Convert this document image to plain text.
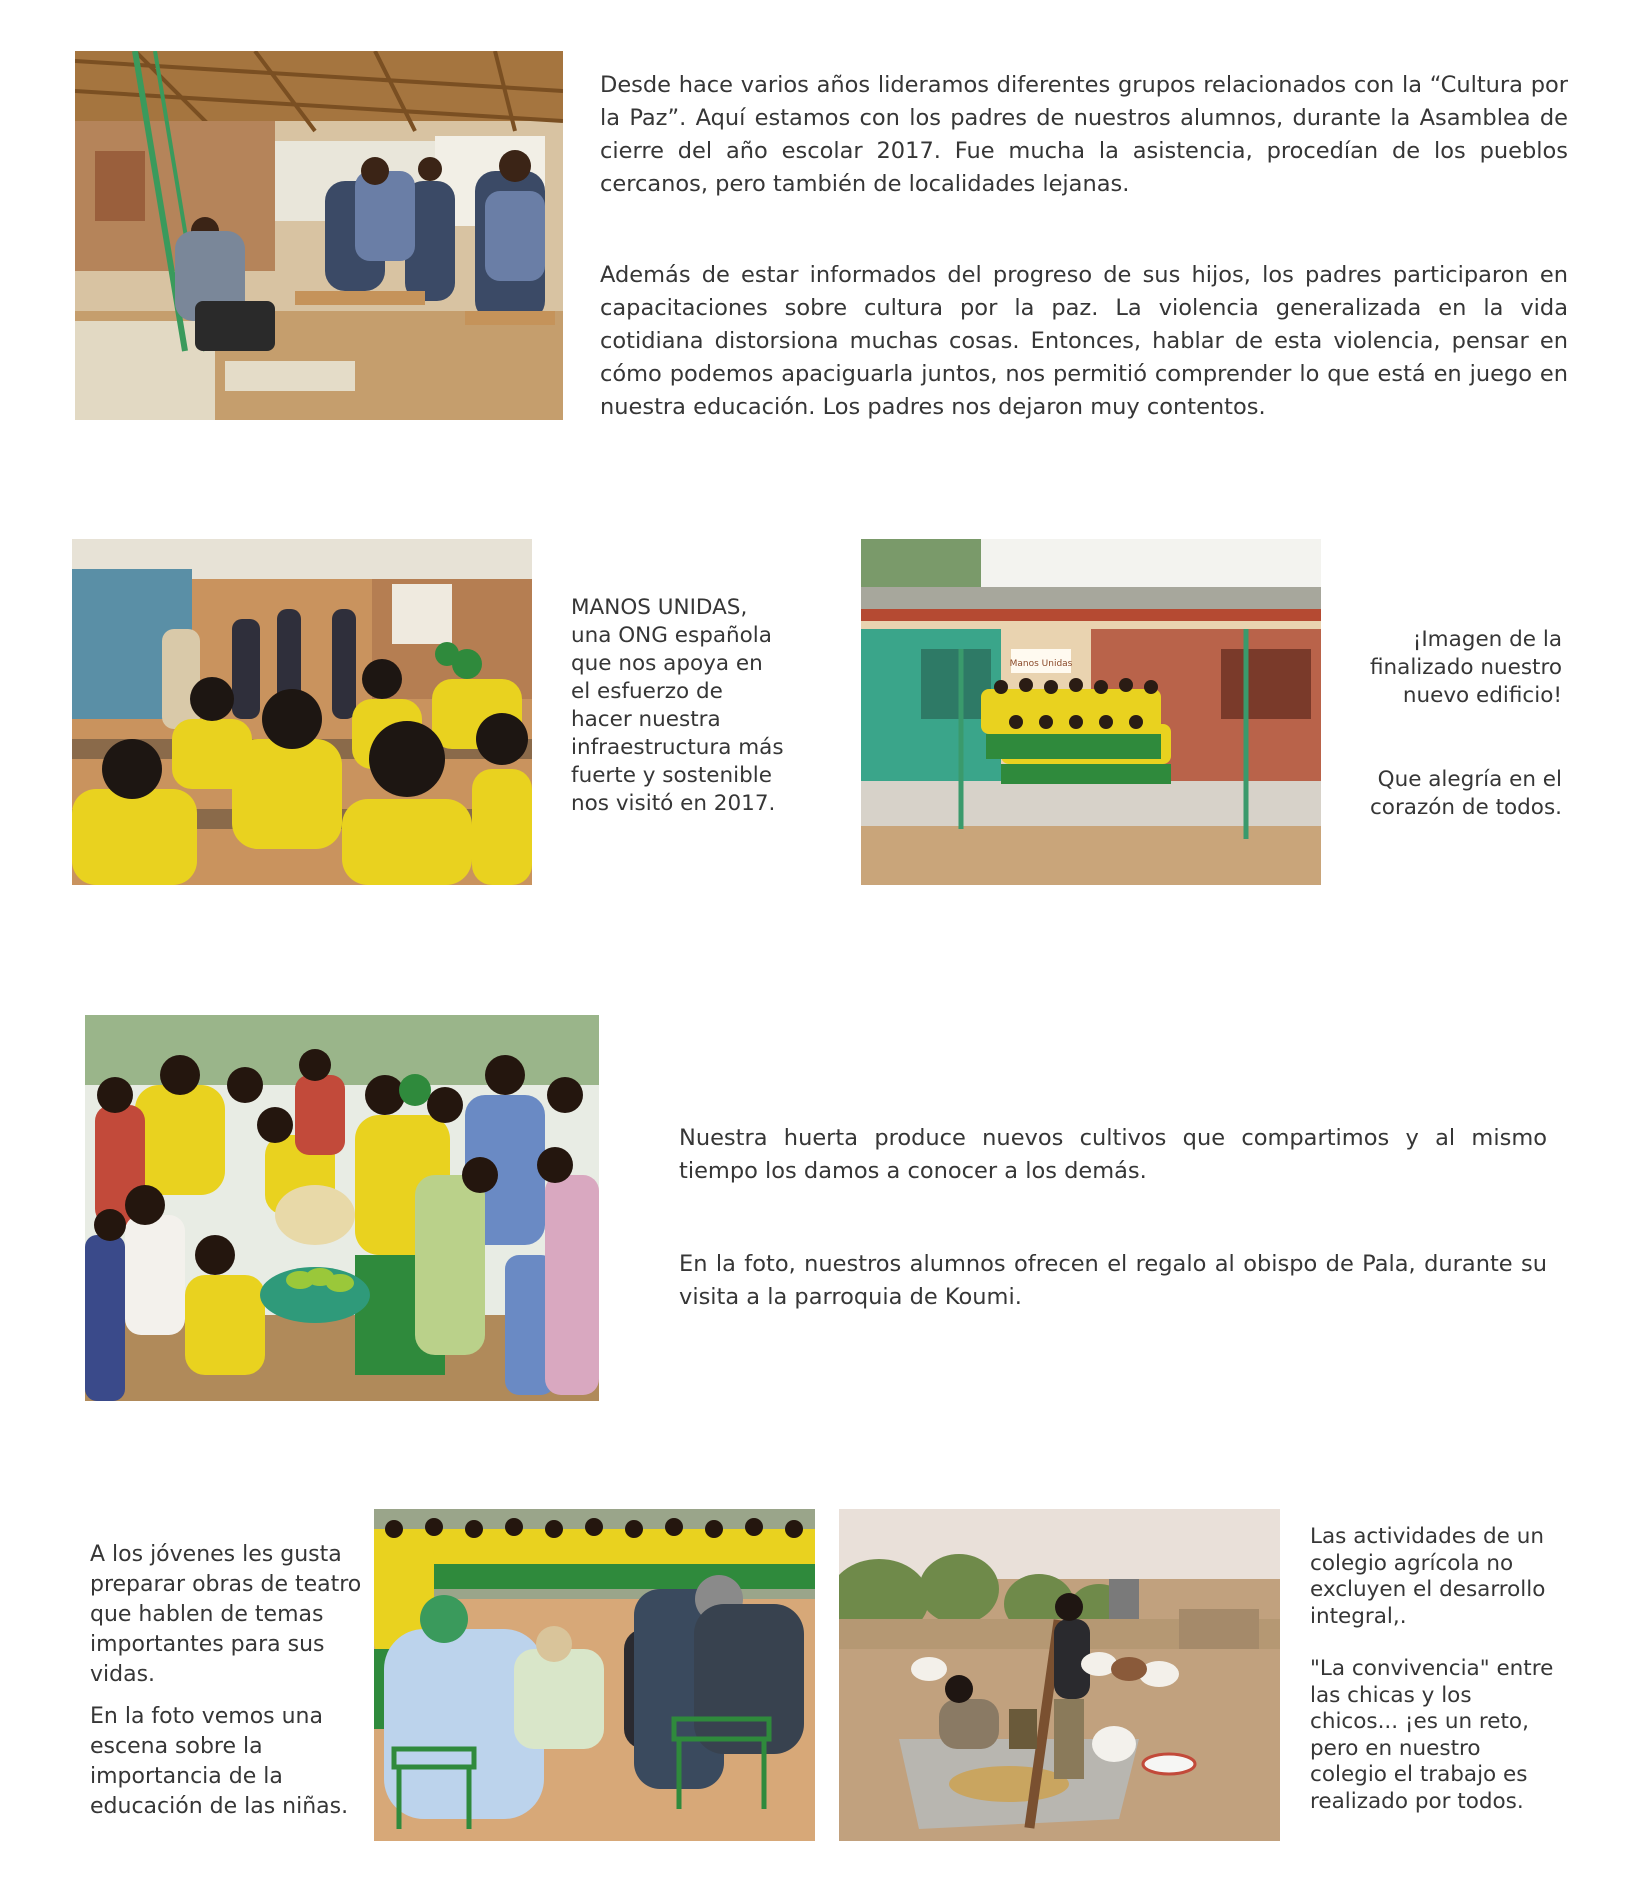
Desde hace varios años lideramos diferentes grupos relacionados con la “Cultura por la Paz”. Aquí estamos con los padres de nuestros alumnos, durante la Asamblea de cierre del año escolar 2017. Fue mucha la asistencia, procedían de los pueblos cercanos, pero también de localidades lejanas.

Además de estar informados del progreso de sus hijos, los padres participaron en capacitaciones sobre cultura por la paz. La violencia generalizada en la vida cotidiana distorsiona muchas cosas. Entonces, hablar de esta violencia, pensar en cómo podemos apaciguarla juntos, nos permitió comprender lo que está en juego en nuestra educación. Los padres nos dejaron muy contentos.

MANOS UNIDAS,

una ONG española

que nos apoya en

el esfuerzo de

hacer nuestra

infraestructura más

fuerte y sostenible

nos visitó en 2017.

Manos Unidas

¡Imagen de la

finalizado nuestro

nuevo edificio!

Que alegría en el

corazón de todos.

Nuestra huerta produce nuevos cultivos que compartimos y al mismo tiempo los damos a conocer a los demás.

En la foto, nuestros alumnos ofrecen el regalo al obispo de Pala, durante su visita a la parroquia de Koumi.

A los jóvenes les gusta

preparar obras de teatro

que hablen de temas

importantes para sus

vidas.

En la foto vemos una

escena sobre la

importancia de la

educación de las niñas.

Las actividades de un

colegio agrícola no

excluyen el desarrollo

integral,.

"La convivencia" entre

las chicas y los

chicos... ¡es un reto,

pero en nuestro

colegio el trabajo es

realizado por todos.
